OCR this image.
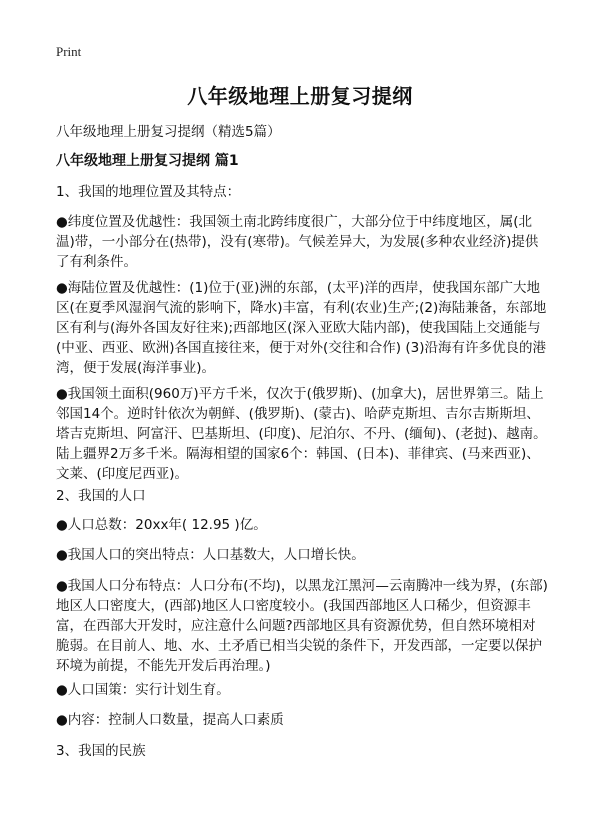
Print
八年级地理上册复习提纲
八年级地理上册复习提纲（精选5篇）
八年级地理上册复习提纲 篇1
1、我国的地理位置及其特点：
●纬度位置及优越性：我国领土南北跨纬度很广，大部分位于中纬度地区，属(北温)带，一小部分在(热带)，没有(寒带)。气候差异大，为发展(多种农业经济)提供了有利条件。
●海陆位置及优越性：(1)位于(亚)洲的东部，(太平)洋的西岸，使我国东部广大地区(在夏季风湿润气流的影响下，降水)丰富，有利(农业)生产;(2)海陆兼备，东部地区有利与(海外各国友好往来);西部地区(深入亚欧大陆内部)，使我国陆上交通能与(中亚、西亚、欧洲)各国直接往来，便于对外(交往和合作) (3)沿海有许多优良的港湾，便于发展(海洋事业)。
●我国领土面积(960万)平方千米，仅次于(俄罗斯)、(加拿大)，居世界第三。陆上邻国14个。逆时针依次为朝鲜、(俄罗斯)、(蒙古)、哈萨克斯坦、吉尔吉斯斯坦、塔吉克斯坦、阿富汗、巴基斯坦、(印度)、尼泊尔、不丹、(缅甸)、(老挝)、越南。陆上疆界2万多千米。隔海相望的国家6个：韩国、(日本)、菲律宾、(马来西亚)、文莱、(印度尼西亚)。
2、我国的人口
●人口总数：20xx年( 12.95 )亿。
●我国人口的突出特点：人口基数大，人口增长快。
●我国人口分布特点：人口分布(不均)，以黑龙江黑河—云南腾冲一线为界，(东部)地区人口密度大，(西部)地区人口密度较小。(我国西部地区人口稀少，但资源丰富，在西部大开发时，应注意什么问题?西部地区具有资源优势，但自然环境相对脆弱。在目前人、地、水、土矛盾已相当尖锐的条件下，开发西部，一定要以保护环境为前提，不能先开发后再治理。)
●人口国策：实行计划生育。
●内容：控制人口数量，提高人口素质
3、我国的民族
